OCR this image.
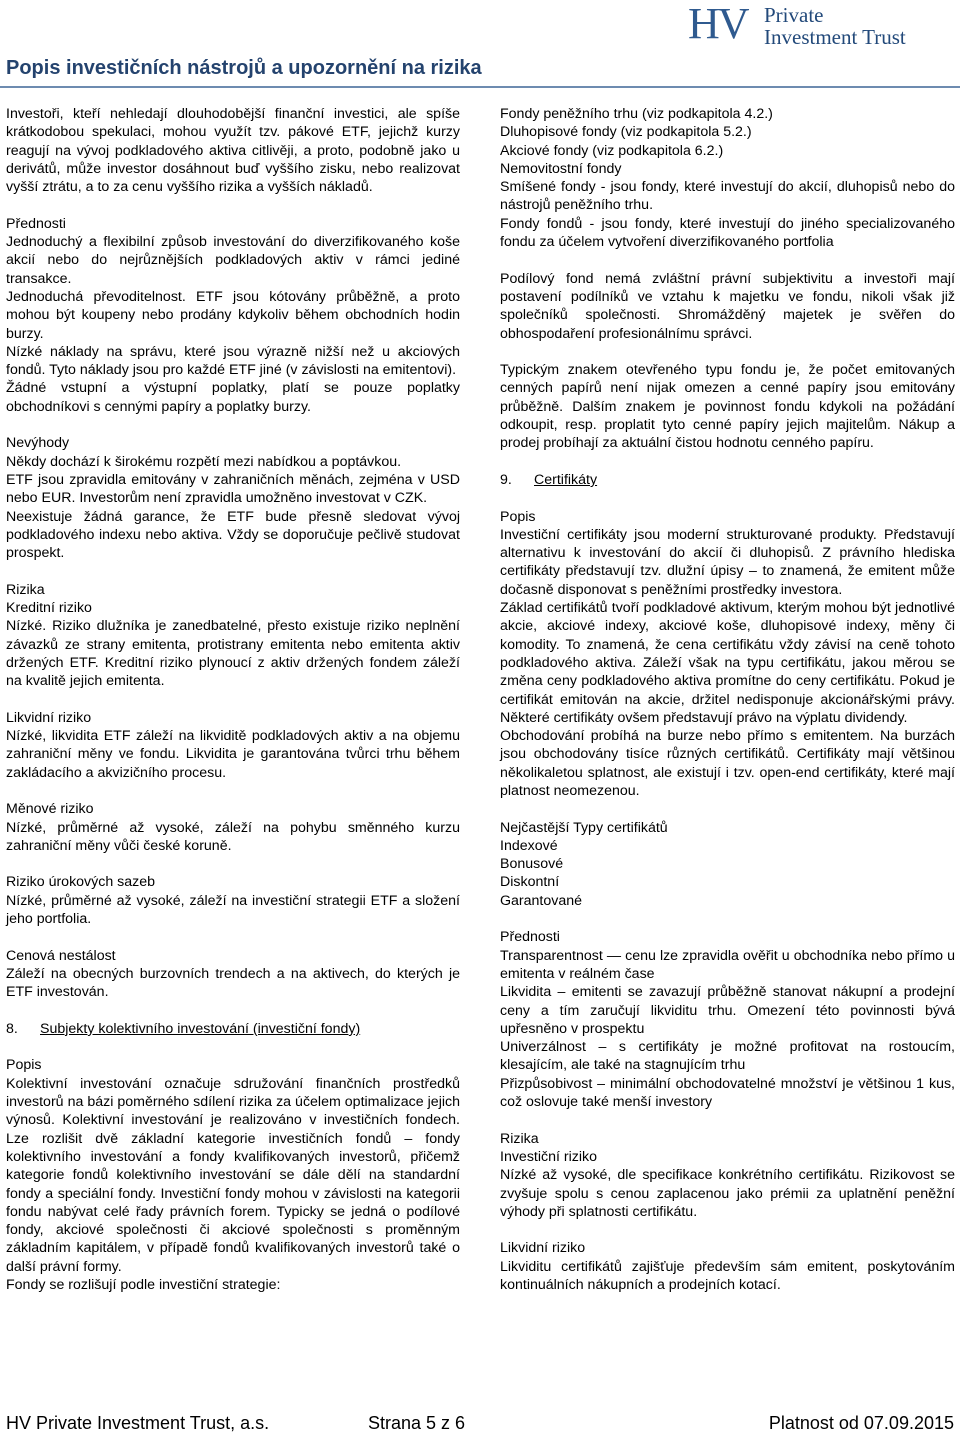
HV Private
Investment Trust
Popis investičních nástrojů a upozornění na rizika

Investoři, kteří nehledají dlouhodobější finanční investici, ale spíše krátkodobou spekulaci, mohou využít tzv. pákové ETF, jejichž kurzy reagují na vývoj podkladového aktiva citlivěji, a proto, podobně jako u derivátů, může investor dosáhnout buď vyššího zisku, nebo realizovat vyšší ztrátu, a to za cenu vyššího rizika a vyšších nákladů.

Přednosti

Jednoduchý a flexibilní způsob investování do diverzifikovaného koše akcií nebo do nejrůznějších podkladových aktiv v rámci jediné transakce.

Jednoduchá převoditelnost. ETF jsou kótovány průběžně, a proto mohou být koupeny nebo prodány kdykoliv během obchodních hodin burzy.

Nízké náklady na správu, které jsou výrazně nižší než u akciových fondů. Tyto náklady jsou pro každé ETF jiné (v závislosti na emitentovi).

Žádné vstupní a výstupní poplatky, platí se pouze poplatky obchodníkovi s cennými papíry a poplatky burzy.

Nevýhody

Někdy dochází k širokému rozpětí mezi nabídkou a poptávkou.

ETF jsou zpravidla emitovány v zahraničních měnách, zejména v USD nebo EUR. Investorům není zpravidla umožněno investovat v CZK.

Neexistuje žádná garance, že ETF bude přesně sledovat vývoj podkladového indexu nebo aktiva. Vždy se doporučuje pečlivě studovat prospekt.

Rizika

Kreditní riziko

Nízké. Riziko dlužníka je zanedbatelné, přesto existuje riziko neplnění závazků ze strany emitenta, protistrany emitenta nebo emitenta aktiv držených ETF. Kreditní riziko plynoucí z aktiv držených fondem záleží na kvalitě jejich emitenta.

Likvidní riziko

Nízké, likvidita ETF záleží na likviditě podkladových aktiv a na objemu zahraniční měny ve fondu. Likvidita je garantována tvůrci trhu během zakládacího a akvizičního procesu.

Měnové riziko

Nízké, průměrné až vysoké, záleží na pohybu směnného kurzu zahraniční měny vůči české koruně.

Riziko úrokových sazeb

Nízké, průměrné až vysoké, záleží na investiční strategii ETF a složení jeho portfolia.

Cenová nestálost

Záleží na obecných burzovních trendech a na aktivech, do kterých je ETF investován.

8.	Subjekty kolektivního investování (investiční fondy)

Popis

Kolektivní investování označuje sdružování finančních prostředků investorů na bázi poměrného sdílení rizika za účelem optimalizace jejich výnosů. Kolektivní investování je realizováno v investičních fondech. Lze rozlišit dvě základní kategorie investičních fondů – fondy kolektivního investování a fondy kvalifikovaných investorů, přičemž kategorie fondů kolektivního investování se dále dělí na standardní fondy a speciální fondy. Investiční fondy mohou v závislosti na kategorii fondu nabývat celé řady právních forem. Typicky se jedná o podílové fondy, akciové společnosti či akciové společnosti s proměnným základním kapitálem, v případě fondů kvalifikovaných investorů také o další právní formy.

Fondy se rozlišují podle investiční strategie:

Fondy peněžního trhu (viz podkapitola 4.2.)

Dluhopisové fondy (viz podkapitola 5.2.)

Akciové fondy (viz podkapitola 6.2.)

Nemovitostní fondy

Smíšené fondy - jsou fondy, které investují do akcií, dluhopisů nebo do nástrojů peněžního trhu.

Fondy fondů - jsou fondy, které investují do jiného specializovaného fondu za účelem vytvoření diverzifikovaného portfolia

Podílový fond nemá zvláštní právní subjektivitu a investoři mají postavení podílníků ve vztahu k majetku ve fondu, nikoli však již společníků společnosti. Shromážděný majetek je svěřen do obhospodaření profesionálnímu správci.

Typickým znakem otevřeného typu fondu je, že počet emitovaných cenných papírů není nijak omezen a cenné papíry jsou emitovány průběžně. Dalším znakem je povinnost fondu kdykoli na požádání odkoupit, resp. proplatit tyto cenné papíry jejich majitelům. Nákup a prodej probíhají za aktuální čistou hodnotu cenného papíru.

9.	Certifikáty

Popis

Investiční certifikáty jsou moderní strukturované produkty. Představují alternativu k investování do akcií či dluhopisů. Z právního hlediska certifikáty představují tzv. dlužní úpisy – to znamená, že emitent může dočasně disponovat s peněžními prostředky investora.

Základ certifikátů tvoří podkladové aktivum, kterým mohou být jednotlivé akcie, akciové indexy, akciové koše, dluhopisové indexy, měny či komodity. To znamená, že cena certifikátu vždy závisí na ceně tohoto podkladového aktiva. Záleží však na typu certifikátu, jakou měrou se změna ceny podkladového aktiva promítne do ceny certifikátu. Pokud je certifikát emitován na akcie, držitel nedisponuje akcionářskými právy. Některé certifikáty ovšem představují právo na výplatu dividendy.

Obchodování probíhá na burze nebo přímo s emitentem. Na burzách jsou obchodovány tisíce různých certifikátů. Certifikáty mají většinou několikaletou splatnost, ale existují i tzv. open-end certifikáty, které mají platnost neomezenou.

Nejčastější Typy certifikátů

Indexové

Bonusové

Diskontní

Garantované

Přednosti

Transparentnost — cenu lze zpravidla ověřit u obchodníka nebo přímo u emitenta v reálném čase

Likvidita – emitenti se zavazují průběžně stanovat nákupní a prodejní ceny a tím zaručují likviditu trhu. Omezení této povinnosti bývá upřesněno v prospektu

Univerzálnost – s certifikáty je možné profitovat na rostoucím, klesajícím, ale také na stagnujícím trhu

Přizpůsobivost – minimální obchodovatelné množství je většinou 1 kus, což oslovuje také menší investory

Rizika

Investiční riziko

Nízké až vysoké, dle specifikace konkrétního certifikátu. Rizikovost se zvyšuje spolu s cenou zaplacenou jako prémii za uplatnění peněžní výhody při splatnosti certifikátu.

Likvidní riziko

Likviditu certifikátů zajišťuje především sám emitent, poskytováním kontinuálních nákupních a prodejních kotací.

HV Private Investment Trust, a.s.	Strana 5 z 6	Platnost od 07.09.2015
